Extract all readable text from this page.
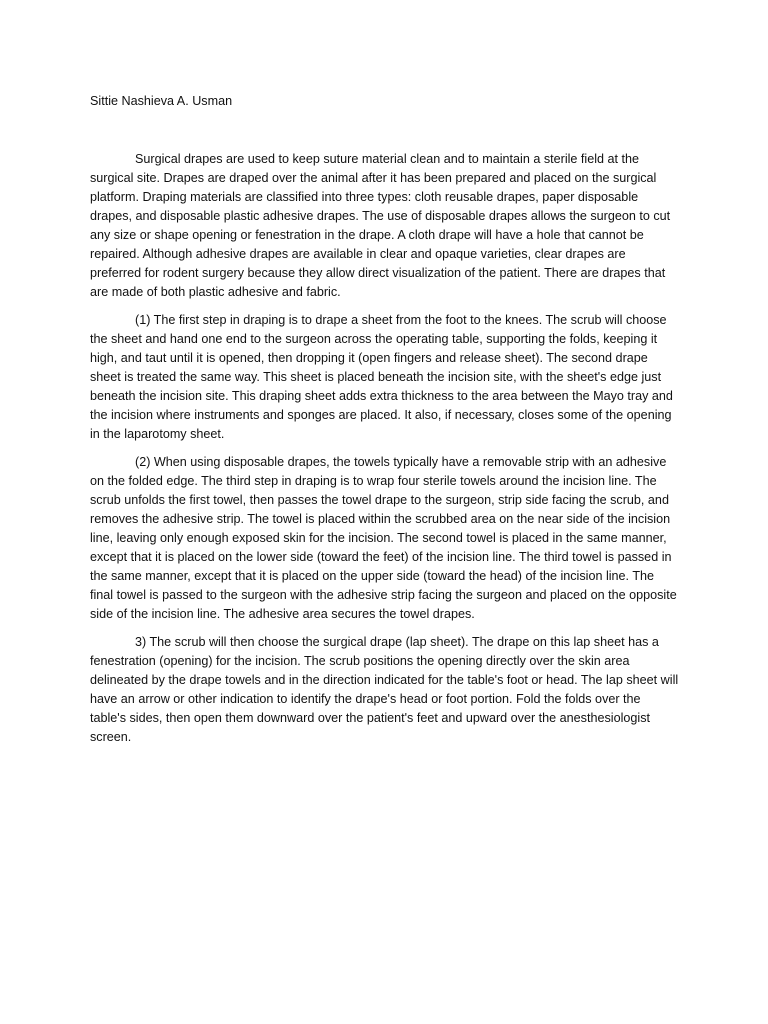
Sittie Nashieva A. Usman

Surgical drapes are used to keep suture material clean and to maintain a sterile field at the surgical site. Drapes are draped over the animal after it has been prepared and placed on the surgical platform. Draping materials are classified into three types: cloth reusable drapes, paper disposable drapes, and disposable plastic adhesive drapes. The use of disposable drapes allows the surgeon to cut any size or shape opening or fenestration in the drape. A cloth drape will have a hole that cannot be repaired. Although adhesive drapes are available in clear and opaque varieties, clear drapes are preferred for rodent surgery because they allow direct visualization of the patient. There are drapes that are made of both plastic adhesive and fabric.

(1) The first step in draping is to drape a sheet from the foot to the knees. The scrub will choose the sheet and hand one end to the surgeon across the operating table, supporting the folds, keeping it high, and taut until it is opened, then dropping it (open fingers and release sheet). The second drape sheet is treated the same way. This sheet is placed beneath the incision site, with the sheet's edge just beneath the incision site. This draping sheet adds extra thickness to the area between the Mayo tray and the incision where instruments and sponges are placed. It also, if necessary, closes some of the opening in the laparotomy sheet.

(2) When using disposable drapes, the towels typically have a removable strip with an adhesive on the folded edge. The third step in draping is to wrap four sterile towels around the incision line. The scrub unfolds the first towel, then passes the towel drape to the surgeon, strip side facing the scrub, and removes the adhesive strip. The towel is placed within the scrubbed area on the near side of the incision line, leaving only enough exposed skin for the incision. The second towel is placed in the same manner, except that it is placed on the lower side (toward the feet) of the incision line. The third towel is passed in the same manner, except that it is placed on the upper side (toward the head) of the incision line. The final towel is passed to the surgeon with the adhesive strip facing the surgeon and placed on the opposite side of the incision line. The adhesive area secures the towel drapes.

3) The scrub will then choose the surgical drape (lap sheet). The drape on this lap sheet has a fenestration (opening) for the incision. The scrub positions the opening directly over the skin area delineated by the drape towels and in the direction indicated for the table's foot or head. The lap sheet will have an arrow or other indication to identify the drape's head or foot portion. Fold the folds over the table's sides, then open them downward over the patient's feet and upward over the anesthesiologist screen.
